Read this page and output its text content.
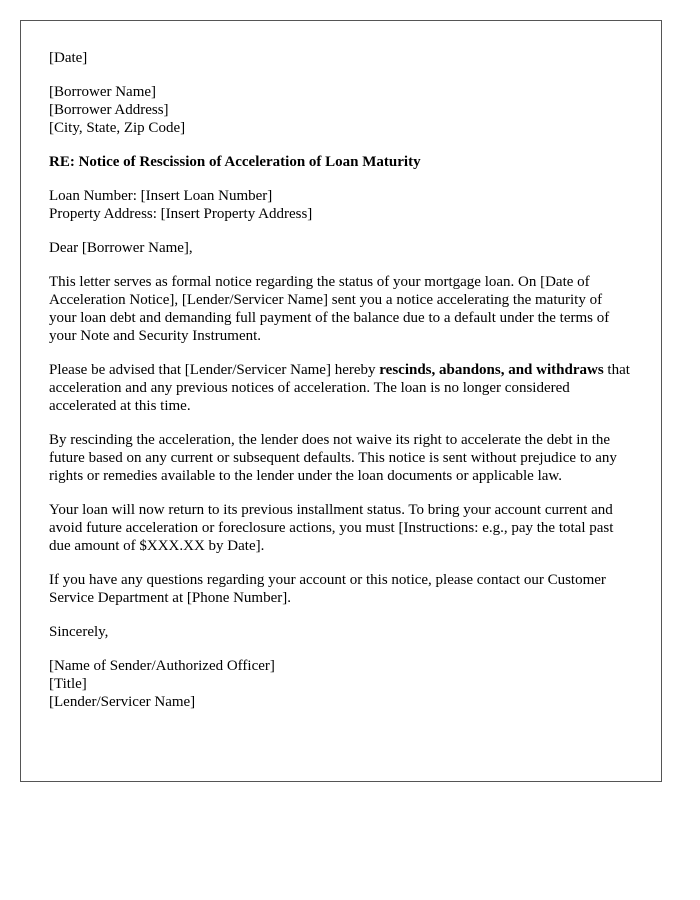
[Date]

[Borrower Name]
[Borrower Address]
[City, State, Zip Code]

RE: Notice of Rescission of Acceleration of Loan Maturity

Loan Number: [Insert Loan Number]
Property Address: [Insert Property Address]

Dear [Borrower Name],

This letter serves as formal notice regarding the status of your mortgage loan. On [Date of Acceleration Notice], [Lender/Servicer Name] sent you a notice accelerating the maturity of your loan debt and demanding full payment of the balance due to a default under the terms of your Note and Security Instrument.

Please be advised that [Lender/Servicer Name] hereby rescinds, abandons, and withdraws that acceleration and any previous notices of acceleration. The loan is no longer considered accelerated at this time.

By rescinding the acceleration, the lender does not waive its right to accelerate the debt in the future based on any current or subsequent defaults. This notice is sent without prejudice to any rights or remedies available to the lender under the loan documents or applicable law.

Your loan will now return to its previous installment status. To bring your account current and avoid future acceleration or foreclosure actions, you must [Instructions: e.g., pay the total past due amount of $XXX.XX by Date].

If you have any questions regarding your account or this notice, please contact our Customer Service Department at [Phone Number].

Sincerely,

[Name of Sender/Authorized Officer]
[Title]
[Lender/Servicer Name]
